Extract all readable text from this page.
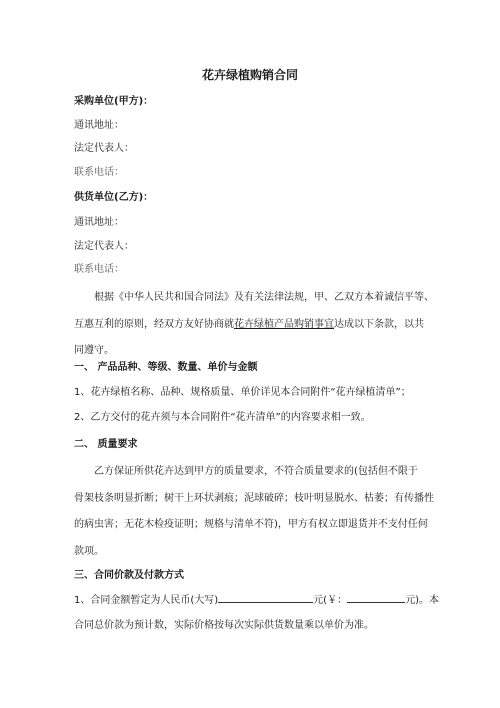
花卉绿植购销合同
采购单位(甲方)：
通讯地址：
法定代表人：
联系电话：
供货单位(乙方)：
通讯地址：
法定代表人：
联系电话：
根据《中华人民共和国合同法》及有关法律法规，甲、乙双方本着诚信平等、
互惠互利的原则，经双方友好协商就花卉绿植产品购销事宜达成以下条款，以共
同遵守。
一、 产品品种、等级、数量、单价与金额
1、花卉绿植名称、品种、规格质量、单价详见本合同附件“花卉绿植清单”；
2、乙方交付的花卉须与本合同附件“花卉清单”的内容要求相一致。
二、 质量要求
乙方保证所供花卉达到甲方的质量要求，不符合质量要求的(包括但不限于
骨架枝条明显折断；树干上环状剥痕；泥球破碎；枝叶明显脱水、枯萎；有传播性
的病虫害；无花木检疫证明；规格与清单不符)，甲方有权立即退货并不支付任何
款项。
三、合同价款及付款方式
1、合同金额暂定为人民币(大写)	元(￥：	元)。本
合同总价款为预计数，实际价格按每次实际供货数量乘以单价为准。
